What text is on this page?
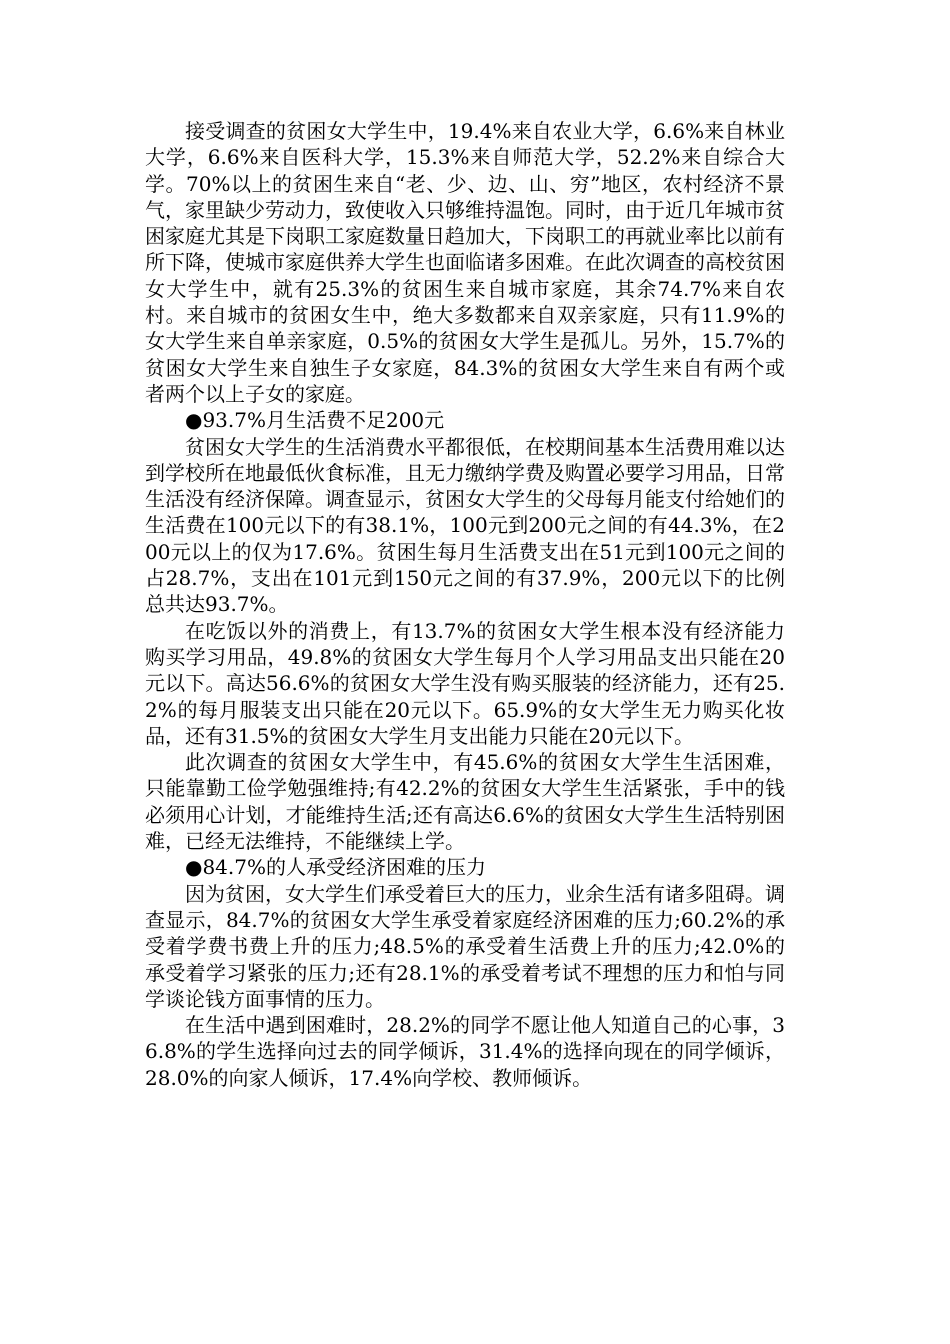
接受调查的贫困女大学生中，19.4%来自农业大学，6.6%来自林业大学，6.6%来自医科大学，15.3%来自师范大学，52.2%来自综合大学。70%以上的贫困生来自“老、少、边、山、穷”地区，农村经济不景气，家里缺少劳动力，致使收入只够维持温饱。同时，由于近几年城市贫困家庭尤其是下岗职工家庭数量日趋加大，下岗职工的再就业率比以前有所下降，使城市家庭供养大学生也面临诸多困难。在此次调查的高校贫困女大学生中，就有25.3%的贫困生来自城市家庭，其余74.7%来自农村。来自城市的贫困女生中，绝大多数都来自双亲家庭，只有11.9%的女大学生来自单亲家庭，0.5%的贫困女大学生是孤儿。另外，15.7%的贫困女大学生来自独生子女家庭，84.3%的贫困女大学生来自有两个或者两个以上子女的家庭。

●93.7%月生活费不足200元

贫困女大学生的生活消费水平都很低，在校期间基本生活费用难以达到学校所在地最低伙食标准，且无力缴纳学费及购置必要学习用品，日常生活没有经济保障。调查显示，贫困女大学生的父母每月能支付给她们的生活费在100元以下的有38.1%，100元到200元之间的有44.3%，在200元以上的仅为17.6%。贫困生每月生活费支出在51元到100元之间的占28.7%，支出在101元到150元之间的有37.9%，200元以下的比例总共达93.7%。

在吃饭以外的消费上，有13.7%的贫困女大学生根本没有经济能力购买学习用品，49.8%的贫困女大学生每月个人学习用品支出只能在20元以下。高达56.6%的贫困女大学生没有购买服装的经济能力，还有25.2%的每月服装支出只能在20元以下。65.9%的女大学生无力购买化妆品，还有31.5%的贫困女大学生月支出能力只能在20元以下。

此次调查的贫困女大学生中，有45.6%的贫困女大学生生活困难，只能靠勤工俭学勉强维持;有42.2%的贫困女大学生生活紧张，手中的钱必须用心计划，才能维持生活;还有高达6.6%的贫困女大学生生活特别困难，已经无法维持，不能继续上学。

●84.7%的人承受经济困难的压力

因为贫困，女大学生们承受着巨大的压力，业余生活有诸多阻碍。调查显示，84.7%的贫困女大学生承受着家庭经济困难的压力;60.2%的承受着学费书费上升的压力;48.5%的承受着生活费上升的压力;42.0%的承受着学习紧张的压力;还有28.1%的承受着考试不理想的压力和怕与同学谈论钱方面事情的压力。

在生活中遇到困难时，28.2%的同学不愿让他人知道自己的心事，36.8%的学生选择向过去的同学倾诉，31.4%的选择向现在的同学倾诉，28.0%的向家人倾诉，17.4%向学校、教师倾诉。
